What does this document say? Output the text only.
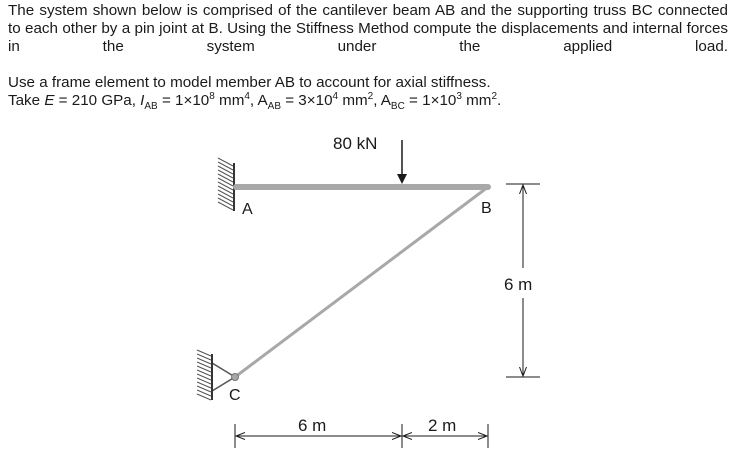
The system shown below is comprised of the cantilever beam AB and the supporting truss BC connected to each other by a pin joint at B. Using the Stiffness Method compute the displacements and internal forces in the system under the applied load.

Use a frame element to model member AB to account for axial stiffness.

Take E = 210 GPa, $I_{AB} = 1\times 10^8$ $mm^4$, $A_{AB} = 3\times 10^4$ $mm^2$, $A_{BC} = 1\times 10^3$ $mm^2$.

80 kN
A	B
C
6 m
6 m	2 m
